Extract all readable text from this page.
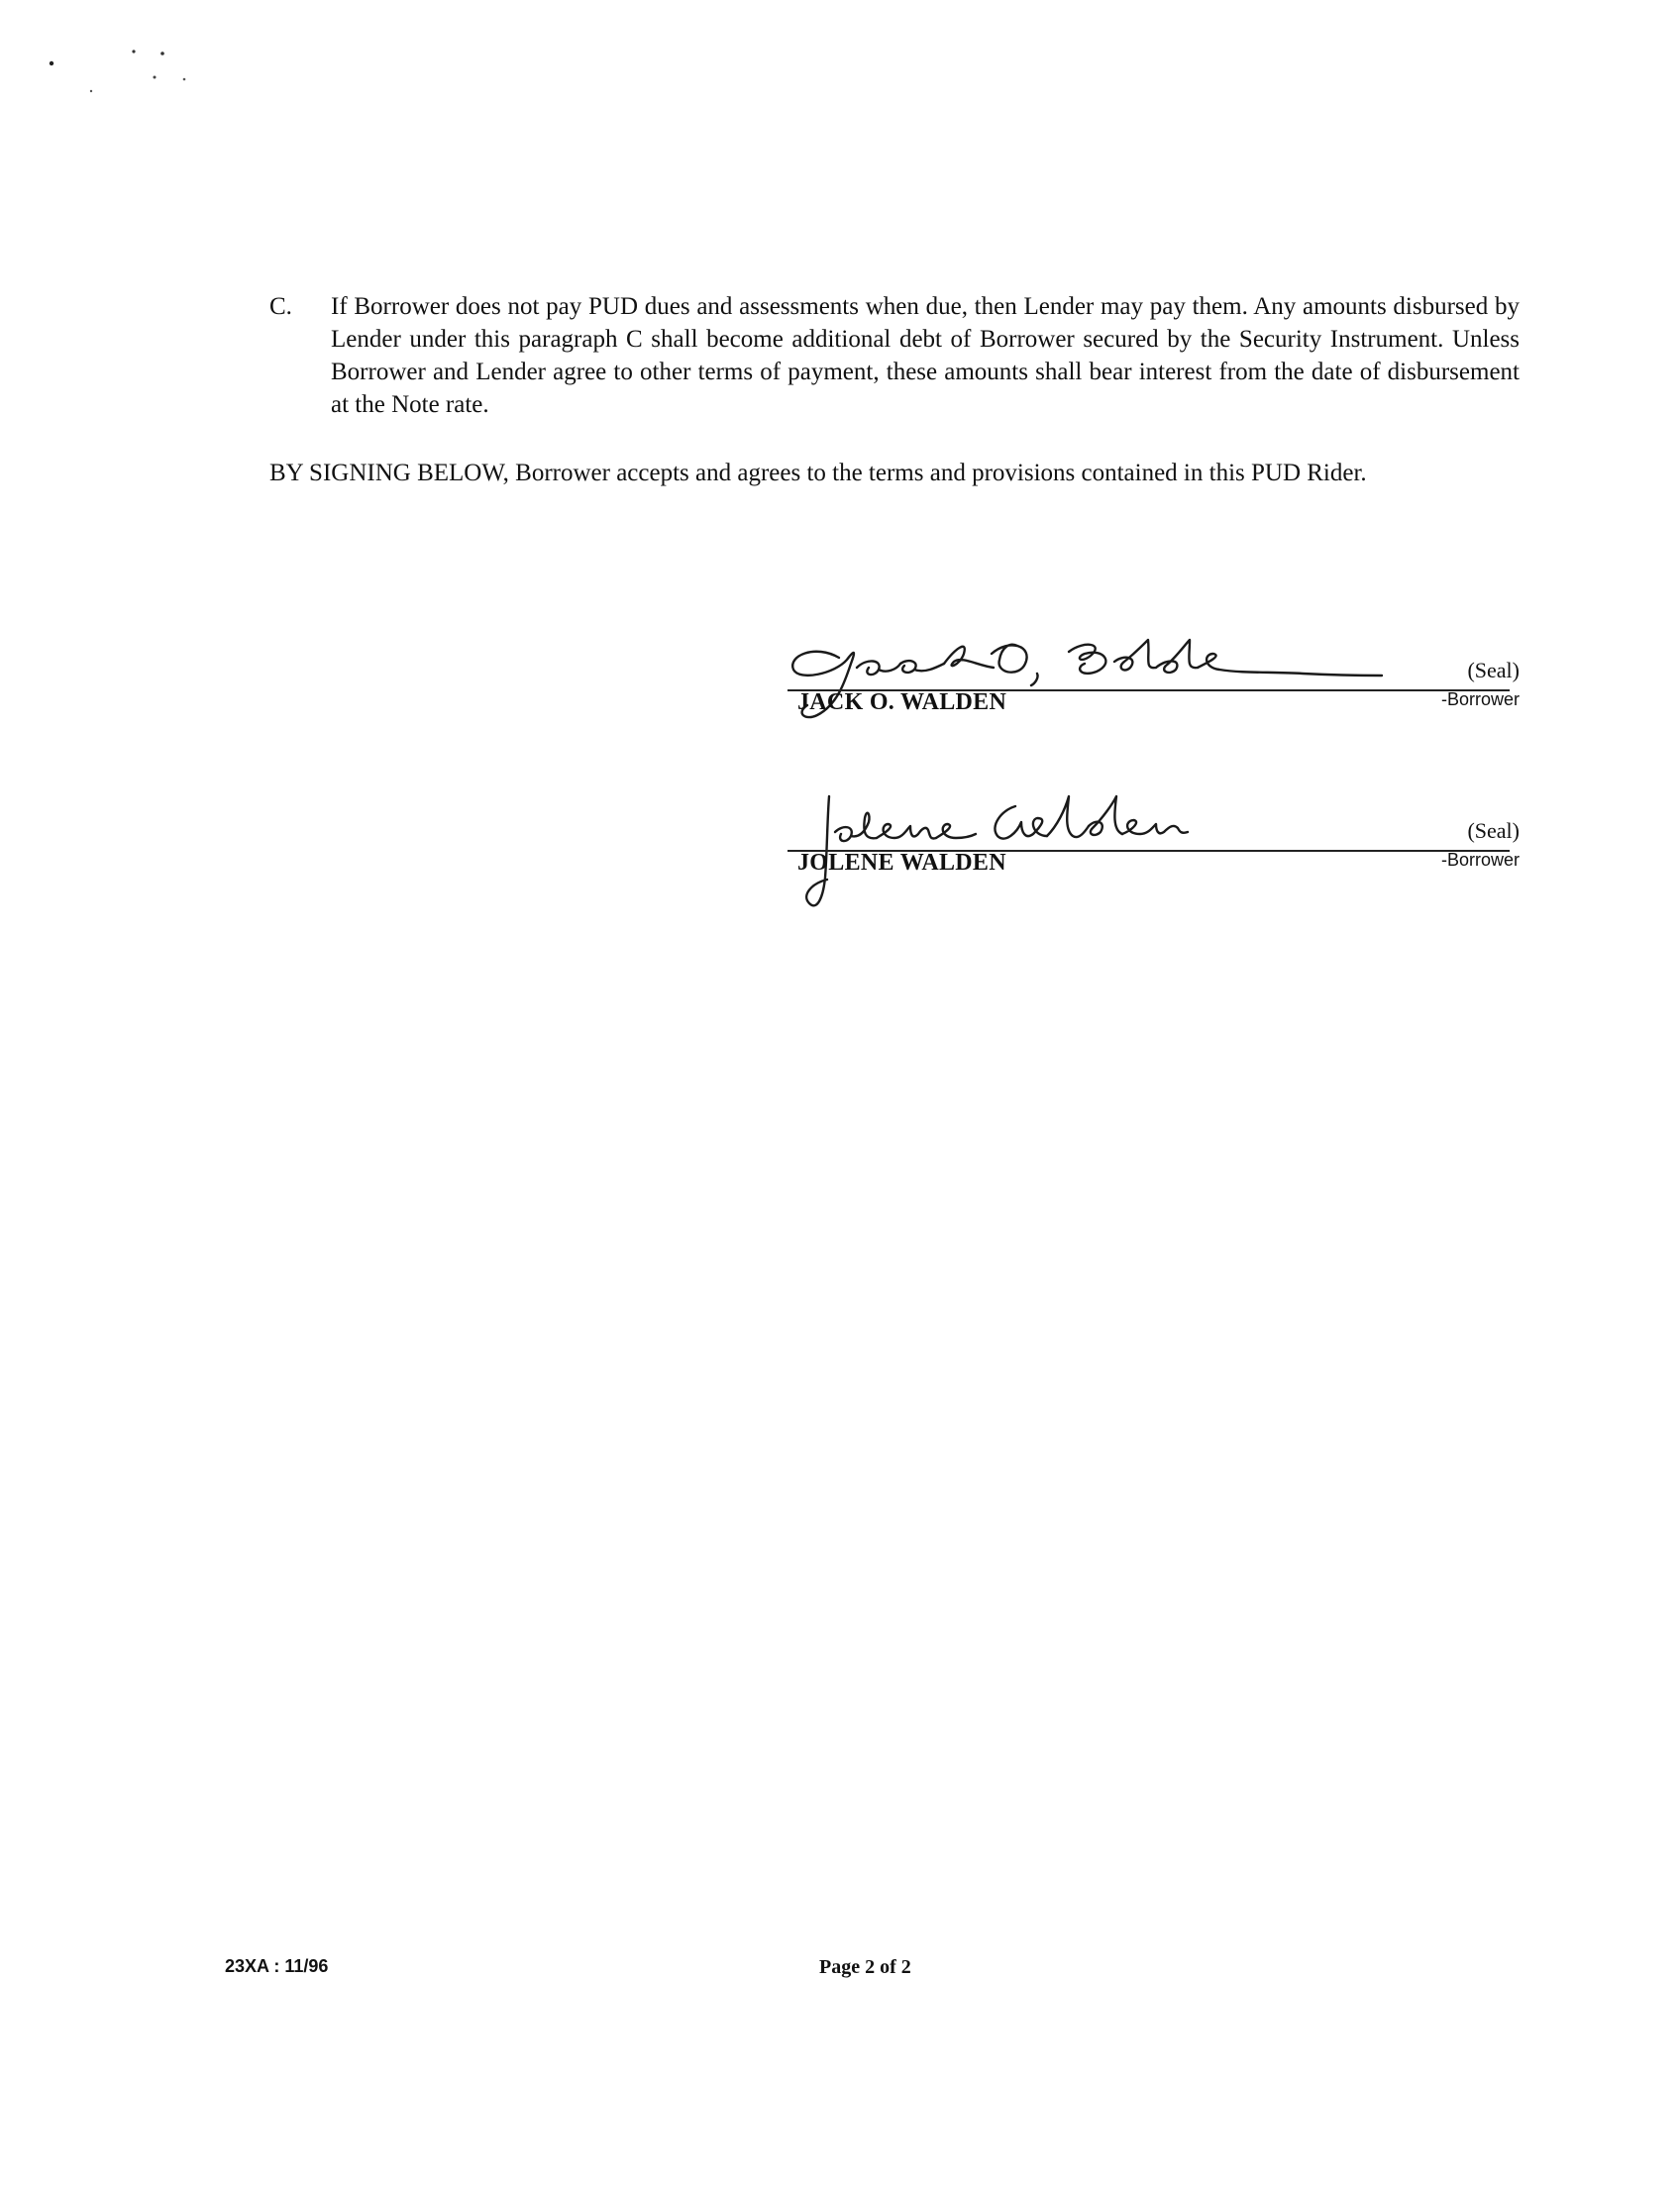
C. If Borrower does not pay PUD dues and assessments when due, then Lender may pay them. Any amounts disbursed by Lender under this paragraph C shall become additional debt of Borrower secured by the Security Instrument. Unless Borrower and Lender agree to other terms of payment, these amounts shall bear interest from the date of disbursement at the Note rate.
BY SIGNING BELOW, Borrower accepts and agrees to the terms and provisions contained in this PUD Rider.
JACK O. WALDEN
(Seal)
-Borrower
JOLENE WALDEN
(Seal)
-Borrower
23XA : 11/96	Page 2 of 2
